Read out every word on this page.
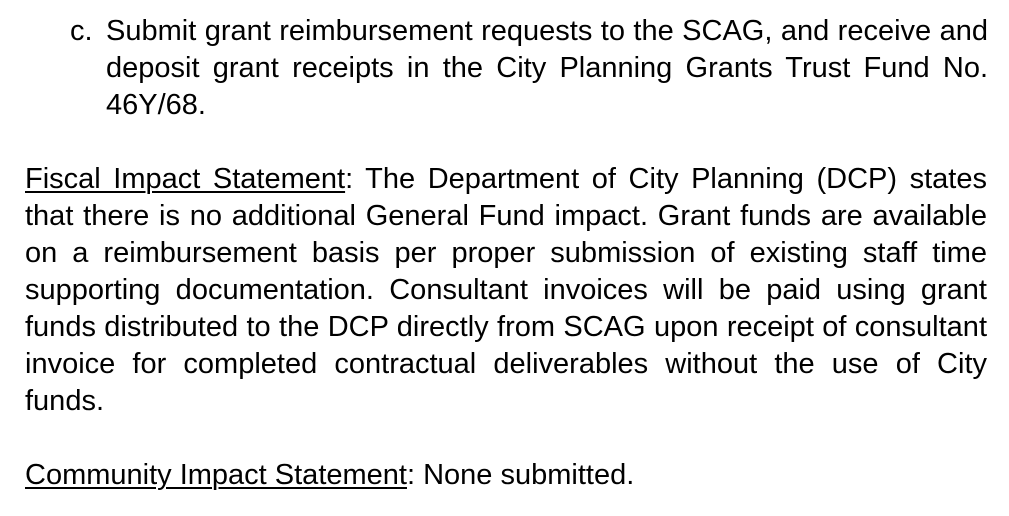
c. Submit grant reimbursement requests to the SCAG, and receive and deposit grant receipts in the City Planning Grants Trust Fund No. 46Y/68.
Fiscal Impact Statement: The Department of City Planning (DCP) states that there is no additional General Fund impact. Grant funds are available on a reimbursement basis per proper submission of existing staff time supporting documentation. Consultant invoices will be paid using grant funds distributed to the DCP directly from SCAG upon receipt of consultant invoice for completed contractual deliverables without the use of City funds.
Community Impact Statement: None submitted.
